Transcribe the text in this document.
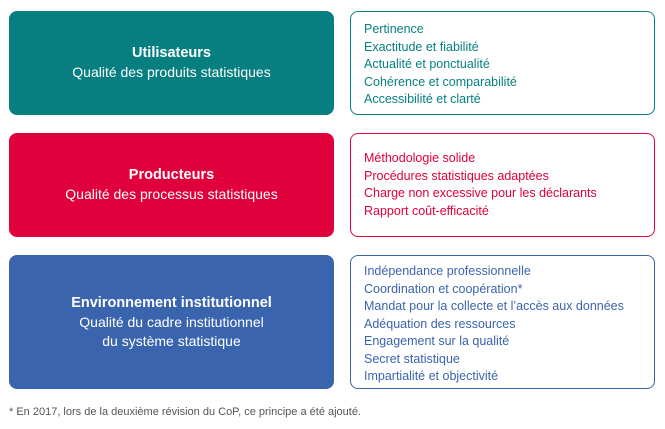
Utilisateurs
Qualité des produits statistiques
Pertinence
Exactitude et fiabilité
Actualité et ponctualité
Cohérence et comparabilité
Accessibilité et clarté
Producteurs
Qualité des processus statistiques
Méthodologie solide
Procédures statistiques adaptées
Charge non excessive pour les déclarants
Rapport coût-efficacité
Environnement institutionnel
Qualité du cadre institutionnel
du système statistique
Indépendance professionnelle
Coordination et coopération*
Mandat pour la collecte et l’accès aux données
Adéquation des ressources
Engagement sur la qualité
Secret statistique
Impartialité et objectivité
* En 2017, lors de la deuxième révision du CoP, ce principe a été ajouté.
